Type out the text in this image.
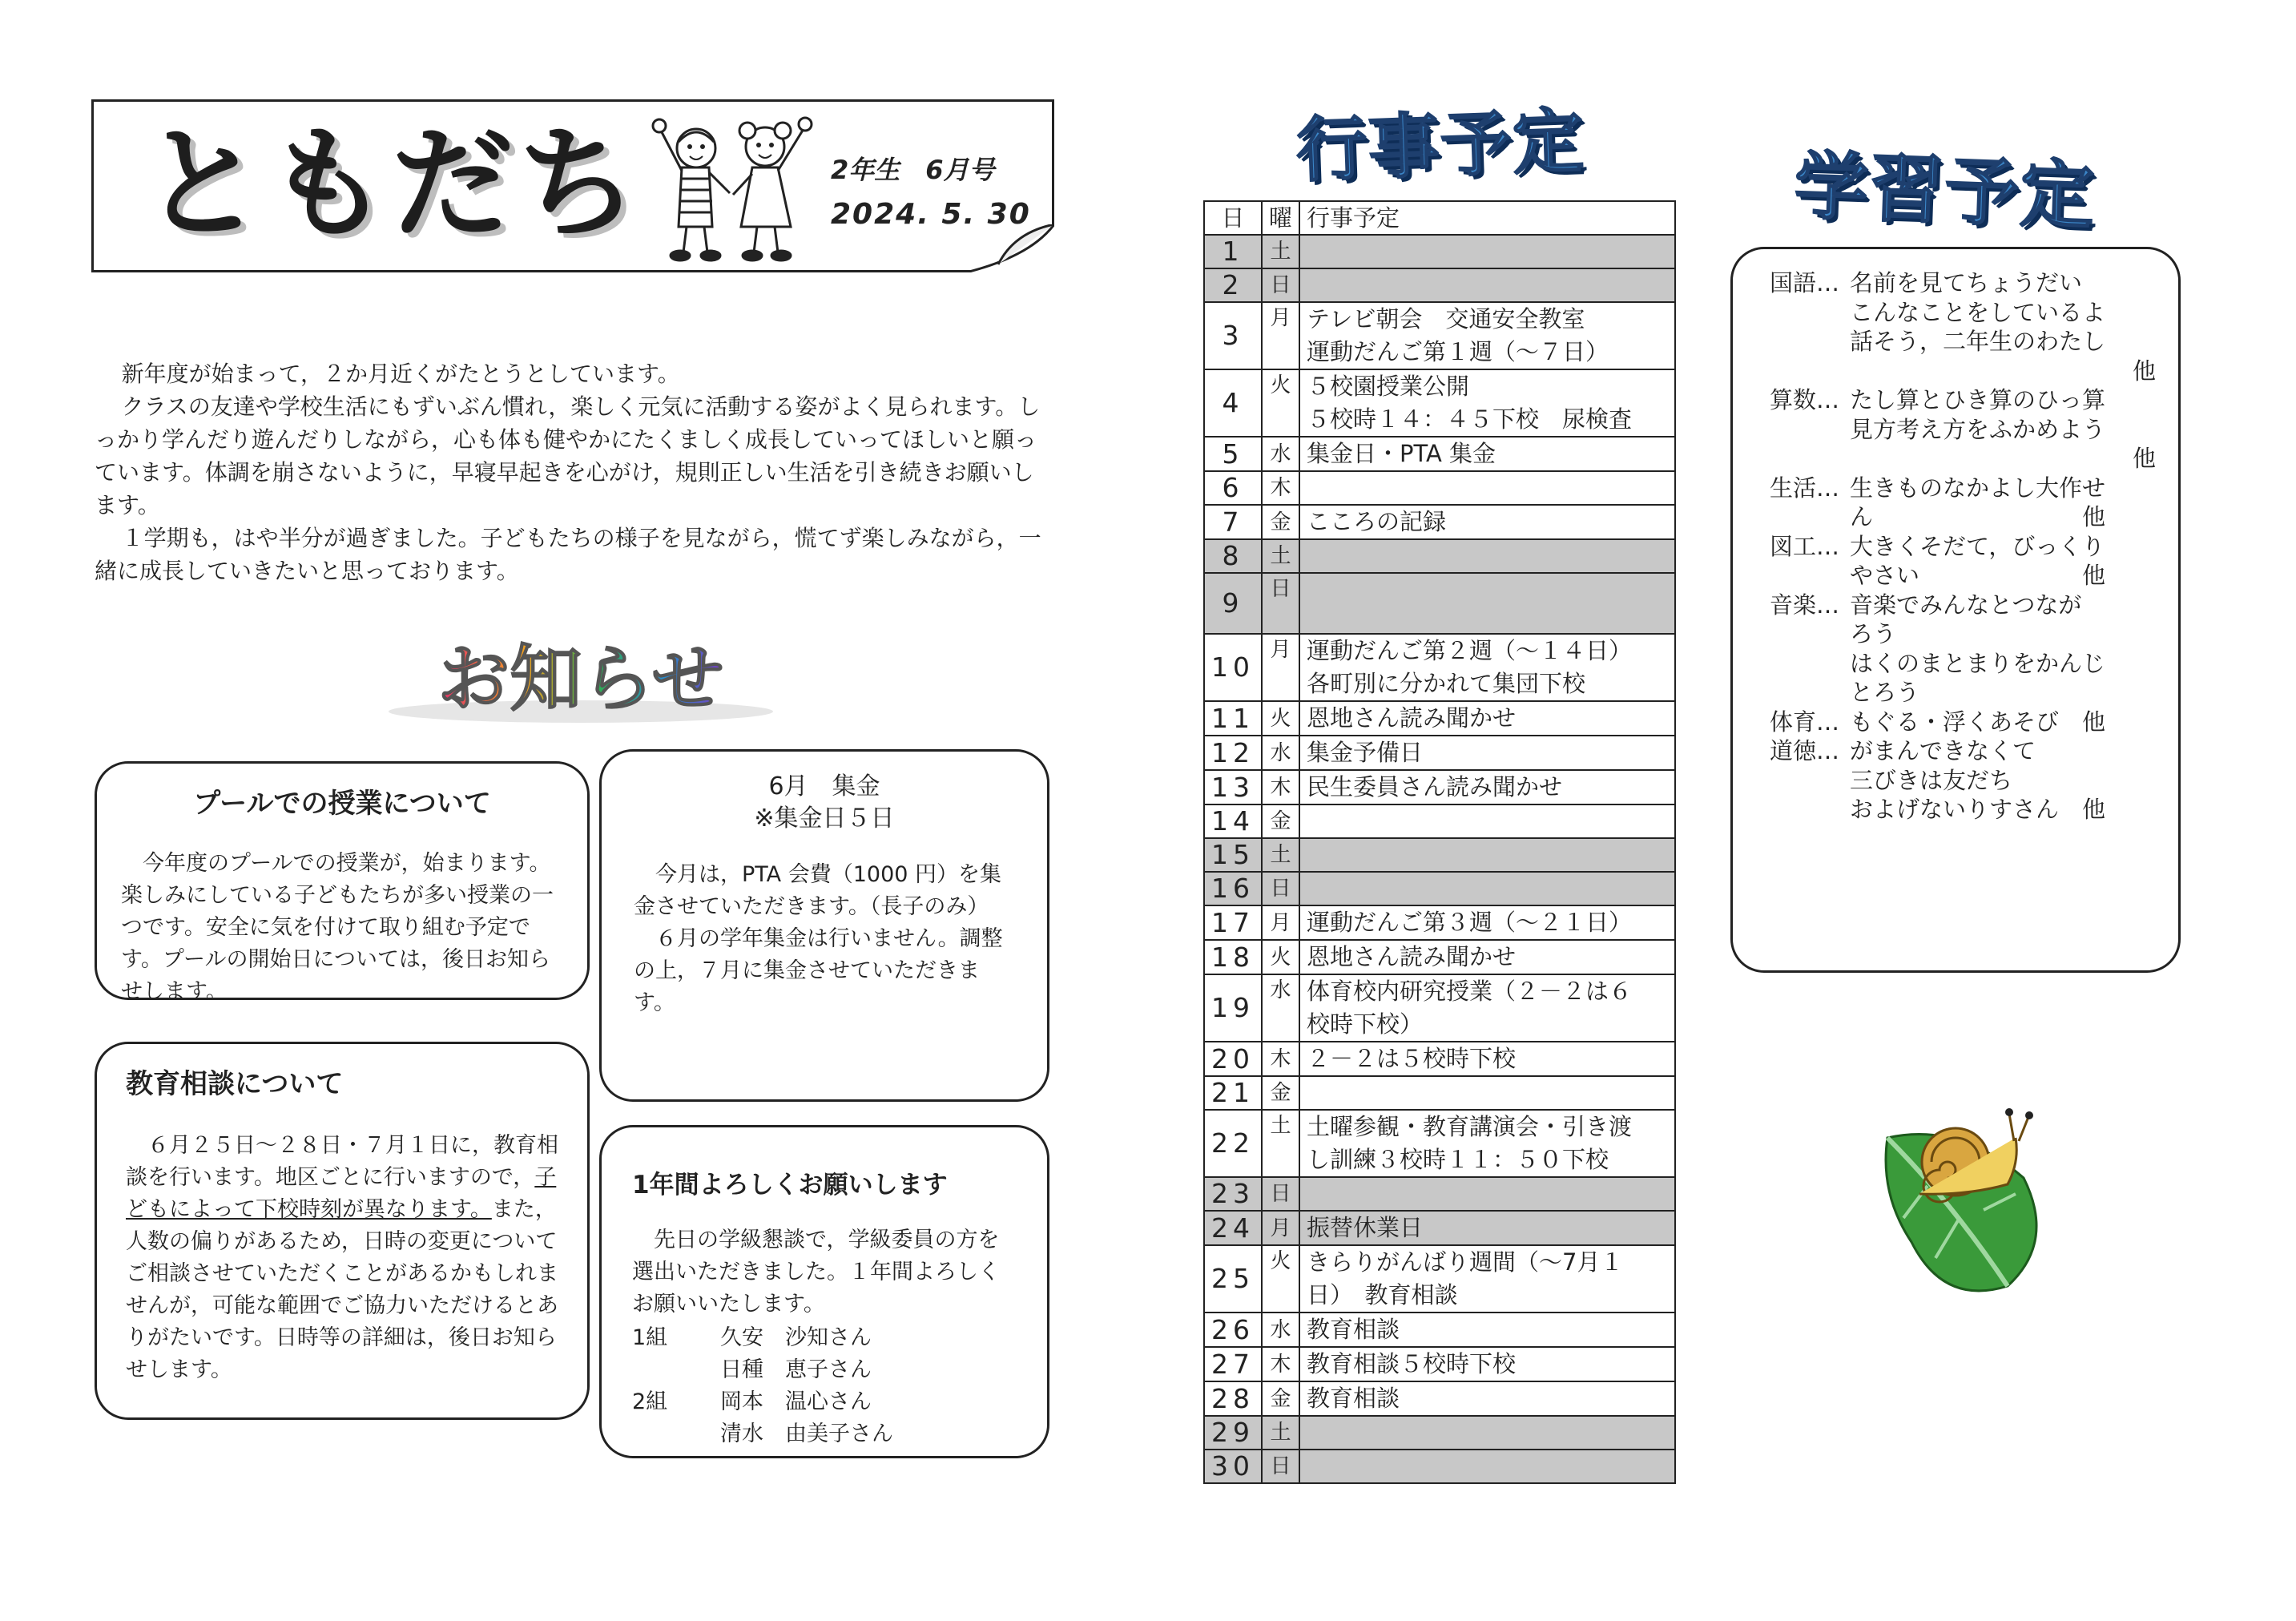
ともだち	2年生　6月号
2024. 5. 30

新年度が始まって，２か月近くがたとうとしています。

クラスの友達や学校生活にもずいぶん慣れ，楽しく元気に活動する姿がよく見られます。しっかり学んだり遊んだりしながら，心も体も健やかにたくましく成長していってほしいと願っています。体調を崩さないように，早寝早起きを心がけ，規則正しい生活を引き続きお願いします。

１学期も，はや半分が過ぎました。子どもたちの様子を見ながら，慌てず楽しみながら，一緒に成長していきたいと思っております。

お知らせ
プールでの授業について

今年度のプールでの授業が，始まります。楽しみにしている子どもたちが多い授業の一つです。安全に気を付けて取り組む予定です。プールの開始日については，後日お知らせします。

教育相談について

６月２５日～２８日・７月１日に，教育相談を行います。地区ごとに行いますので，子どもによって下校時刻が異なります。また，人数の偏りがあるため，日時の変更についてご相談させていただくことがあるかもしれませんが，可能な範囲でご協力いただけるとありがたいです。日時等の詳細は，後日お知らせします。

6月　集金
※集金日５日

今月は，PTA 会費（1000 円）を集金させていただきます。（長子のみ）

６月の学年集金は行いません。調整の上，７月に集金させていただきます。

1年間よろしくお願いします

先日の学級懇談で，学級委員の方を選出いただきました。１年間よろしくお願いいたします。

1組	久安　沙知さん
日種　恵子さん
2組	岡本　温心さん
清水　由美子さん
行事予定	学習予定
日	曜	行事予定
1	土	
2	日	
3	月	テレビ朝会　交通安全教室
運動だんご第１週（～７日）

4	火	５校園授業公開
５校時１４：４５下校　尿検査

5	水	集金日・PTA 集金

6	木	
7	金	こころの記録

8	土	
9	日	
10	月	運動だんご第２週（～１４日）
各町別に分かれて集団下校

11	火	恩地さん読み聞かせ

12	水	集金予備日

13	木	民生委員さん読み聞かせ

14	金	
15	土	
16	日	
17	月	運動だんご第３週（～２１日）

18	火	恩地さん読み聞かせ

19	水	体育校内研究授業（２－２は６
校時下校）

20	木	２－２は５校時下校

21	金	
22	土	土曜参観・教育講演会・引き渡
し訓練３校時１１：５０下校

23	日	
24	月	振替休業日

25	火	きらりがんばり週間（～7月１
日）　教育相談

26	水	教育相談

27	木	教育相談５校時下校

28	金	教育相談

29	土	
30	日	
国語… 名前を見てちょうだい
こんなことをしているよ
話そう，二年生のわたし
他
算数… たし算とひき算のひっ算
見方考え方をふかめよう
他
生活… 生きものなかよし大作せ
ん　　　　　　　　　他
図工… 大きくそだて，びっくり
やさい　　　　　　　他
音楽… 音楽でみんなとつなが
ろう
はくのまとまりをかんじ
とろう
体育… もぐる・浮くあそび　他
道徳… がまんできなくて
三びきは友だち
およげないりすさん　他
